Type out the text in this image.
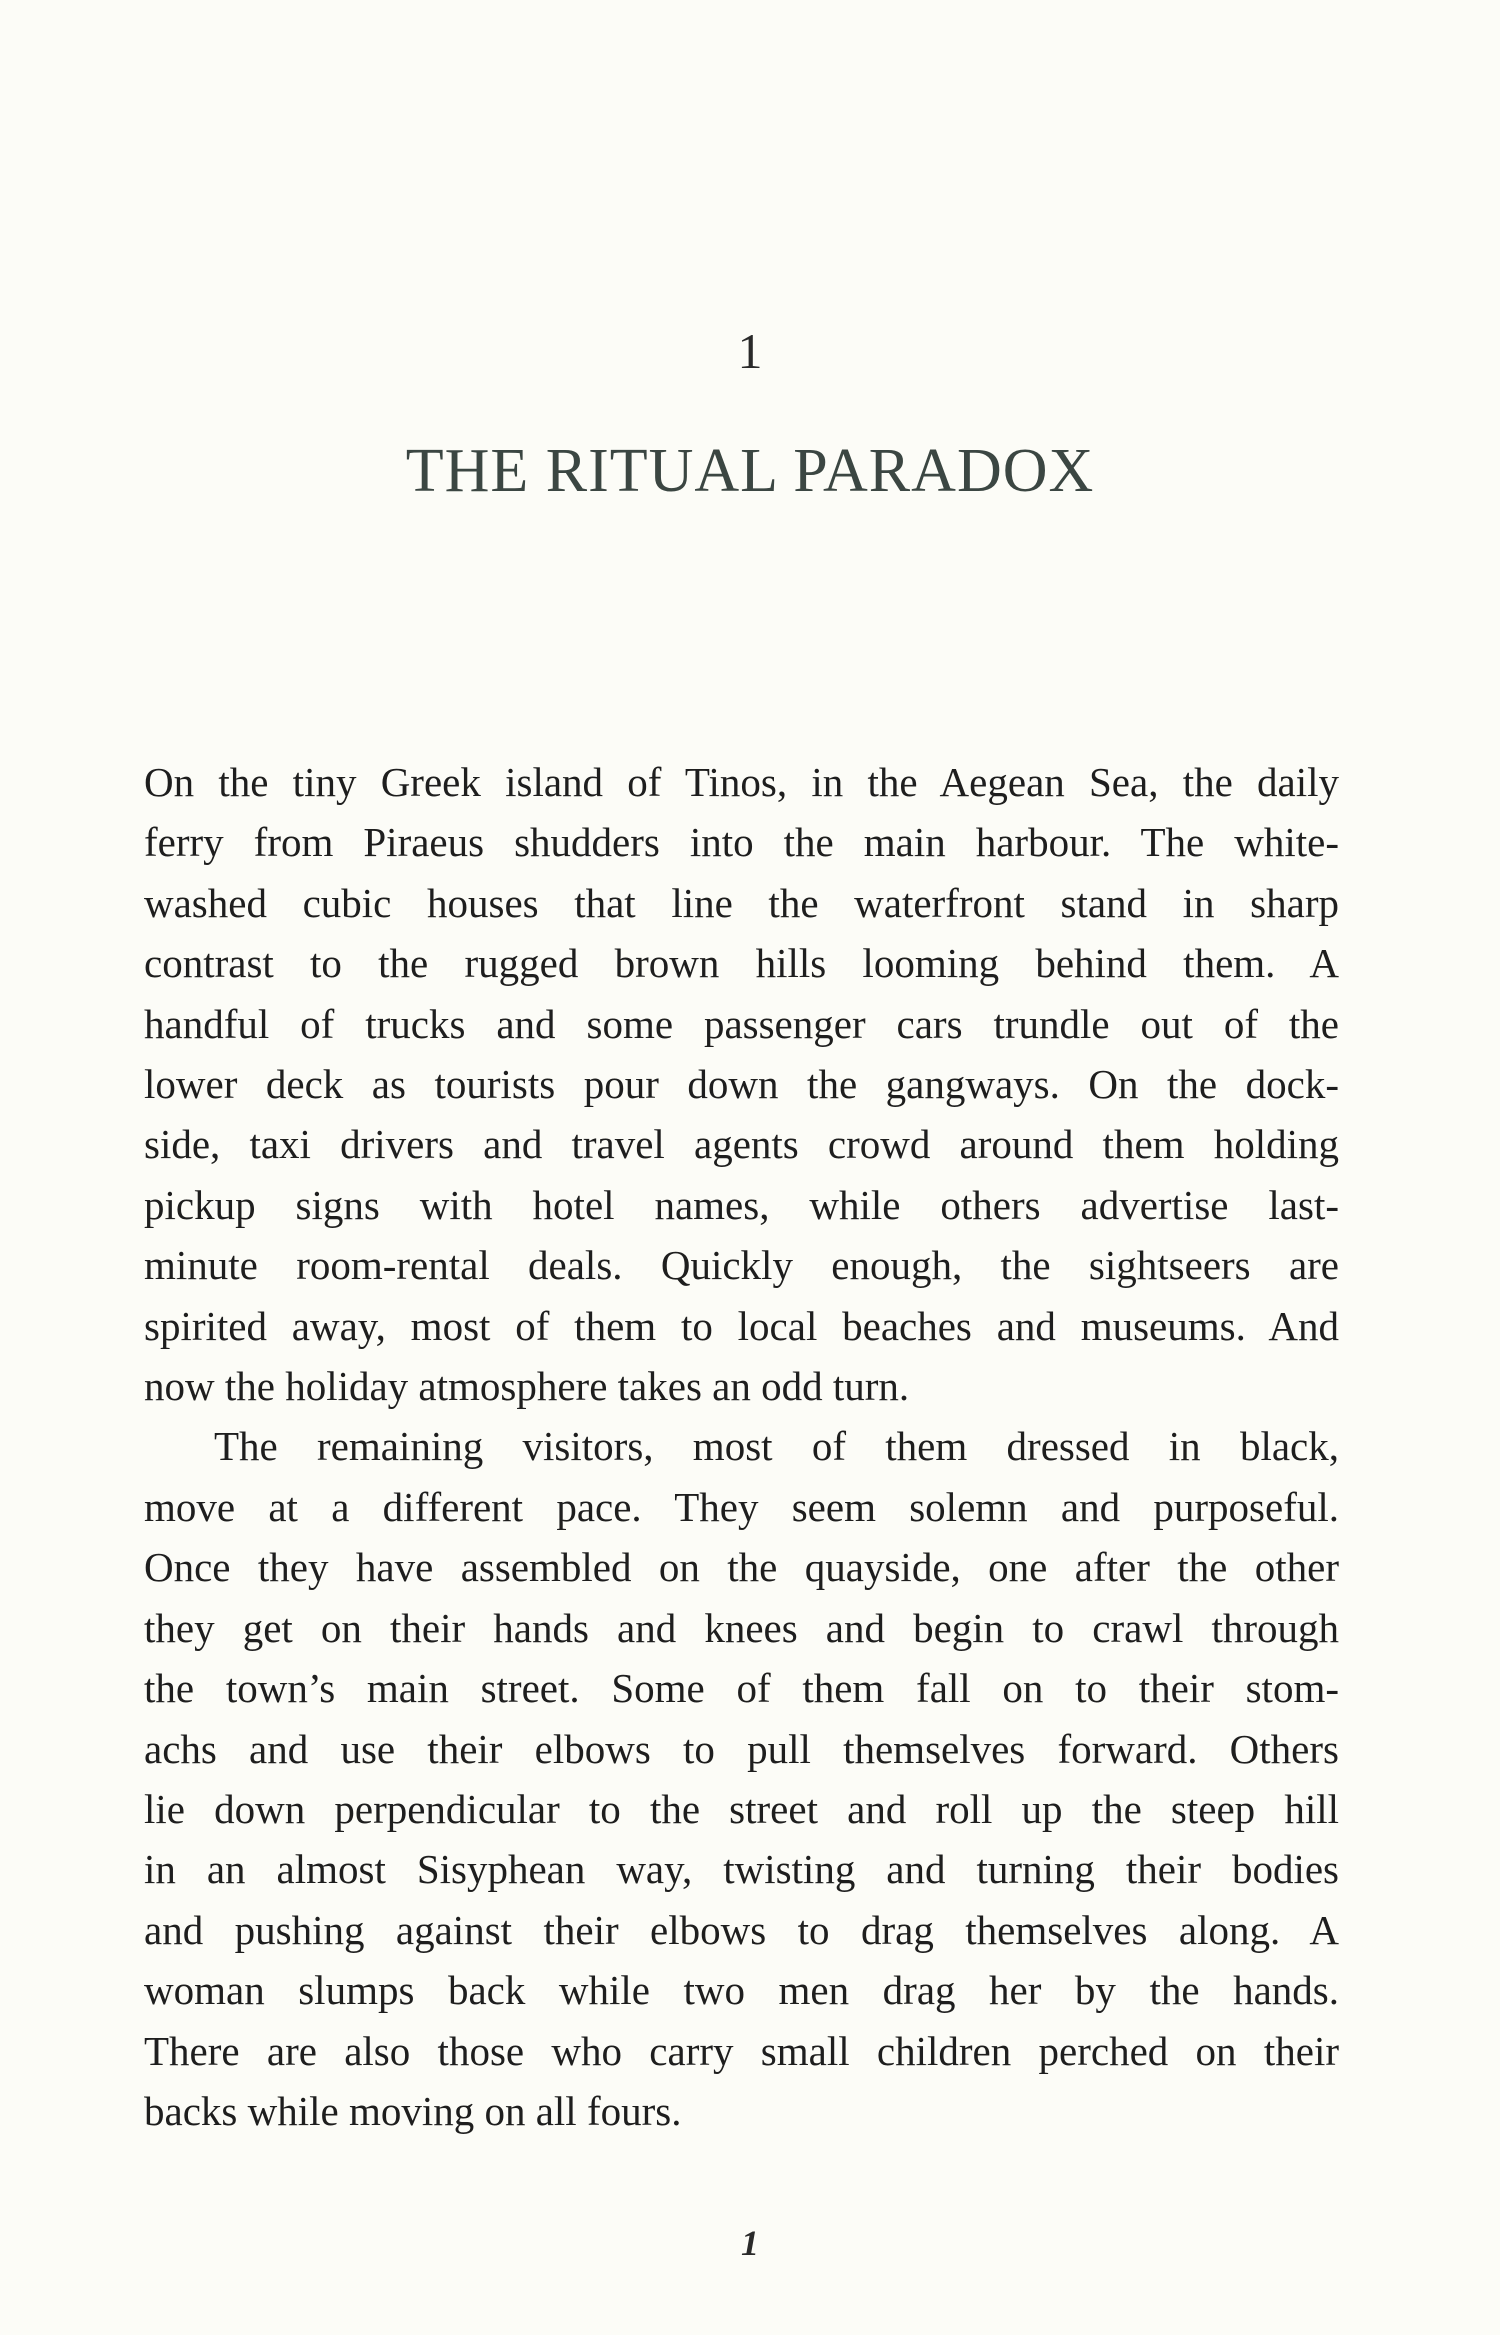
1
THE RITUAL PARADOX
On the tiny Greek island of Tinos, in the Aegean Sea, the daily
ferry from Piraeus shudders into the main harbour. The white-
washed cubic houses that line the waterfront stand in sharp
contrast to the rugged brown hills looming behind them. A
handful of trucks and some passenger cars trundle out of the
lower deck as tourists pour down the gangways. On the dock-
side, taxi drivers and travel agents crowd around them holding
pickup signs with hotel names, while others advertise last-
minute room-rental deals. Quickly enough, the sightseers are
spirited away, most of them to local beaches and museums. And
now the holiday atmosphere takes an odd turn.
The remaining visitors, most of them dressed in black,
move at a different pace. They seem solemn and purposeful.
Once they have assembled on the quayside, one after the other
they get on their hands and knees and begin to crawl through
the town’s main street. Some of them fall on to their stom-
achs and use their elbows to pull themselves forward. Others
lie down perpendicular to the street and roll up the steep hill
in an almost Sisyphean way, twisting and turning their bodies
and pushing against their elbows to drag themselves along. A
woman slumps back while two men drag her by the hands.
There are also those who carry small children perched on their
backs while moving on all fours.
1
